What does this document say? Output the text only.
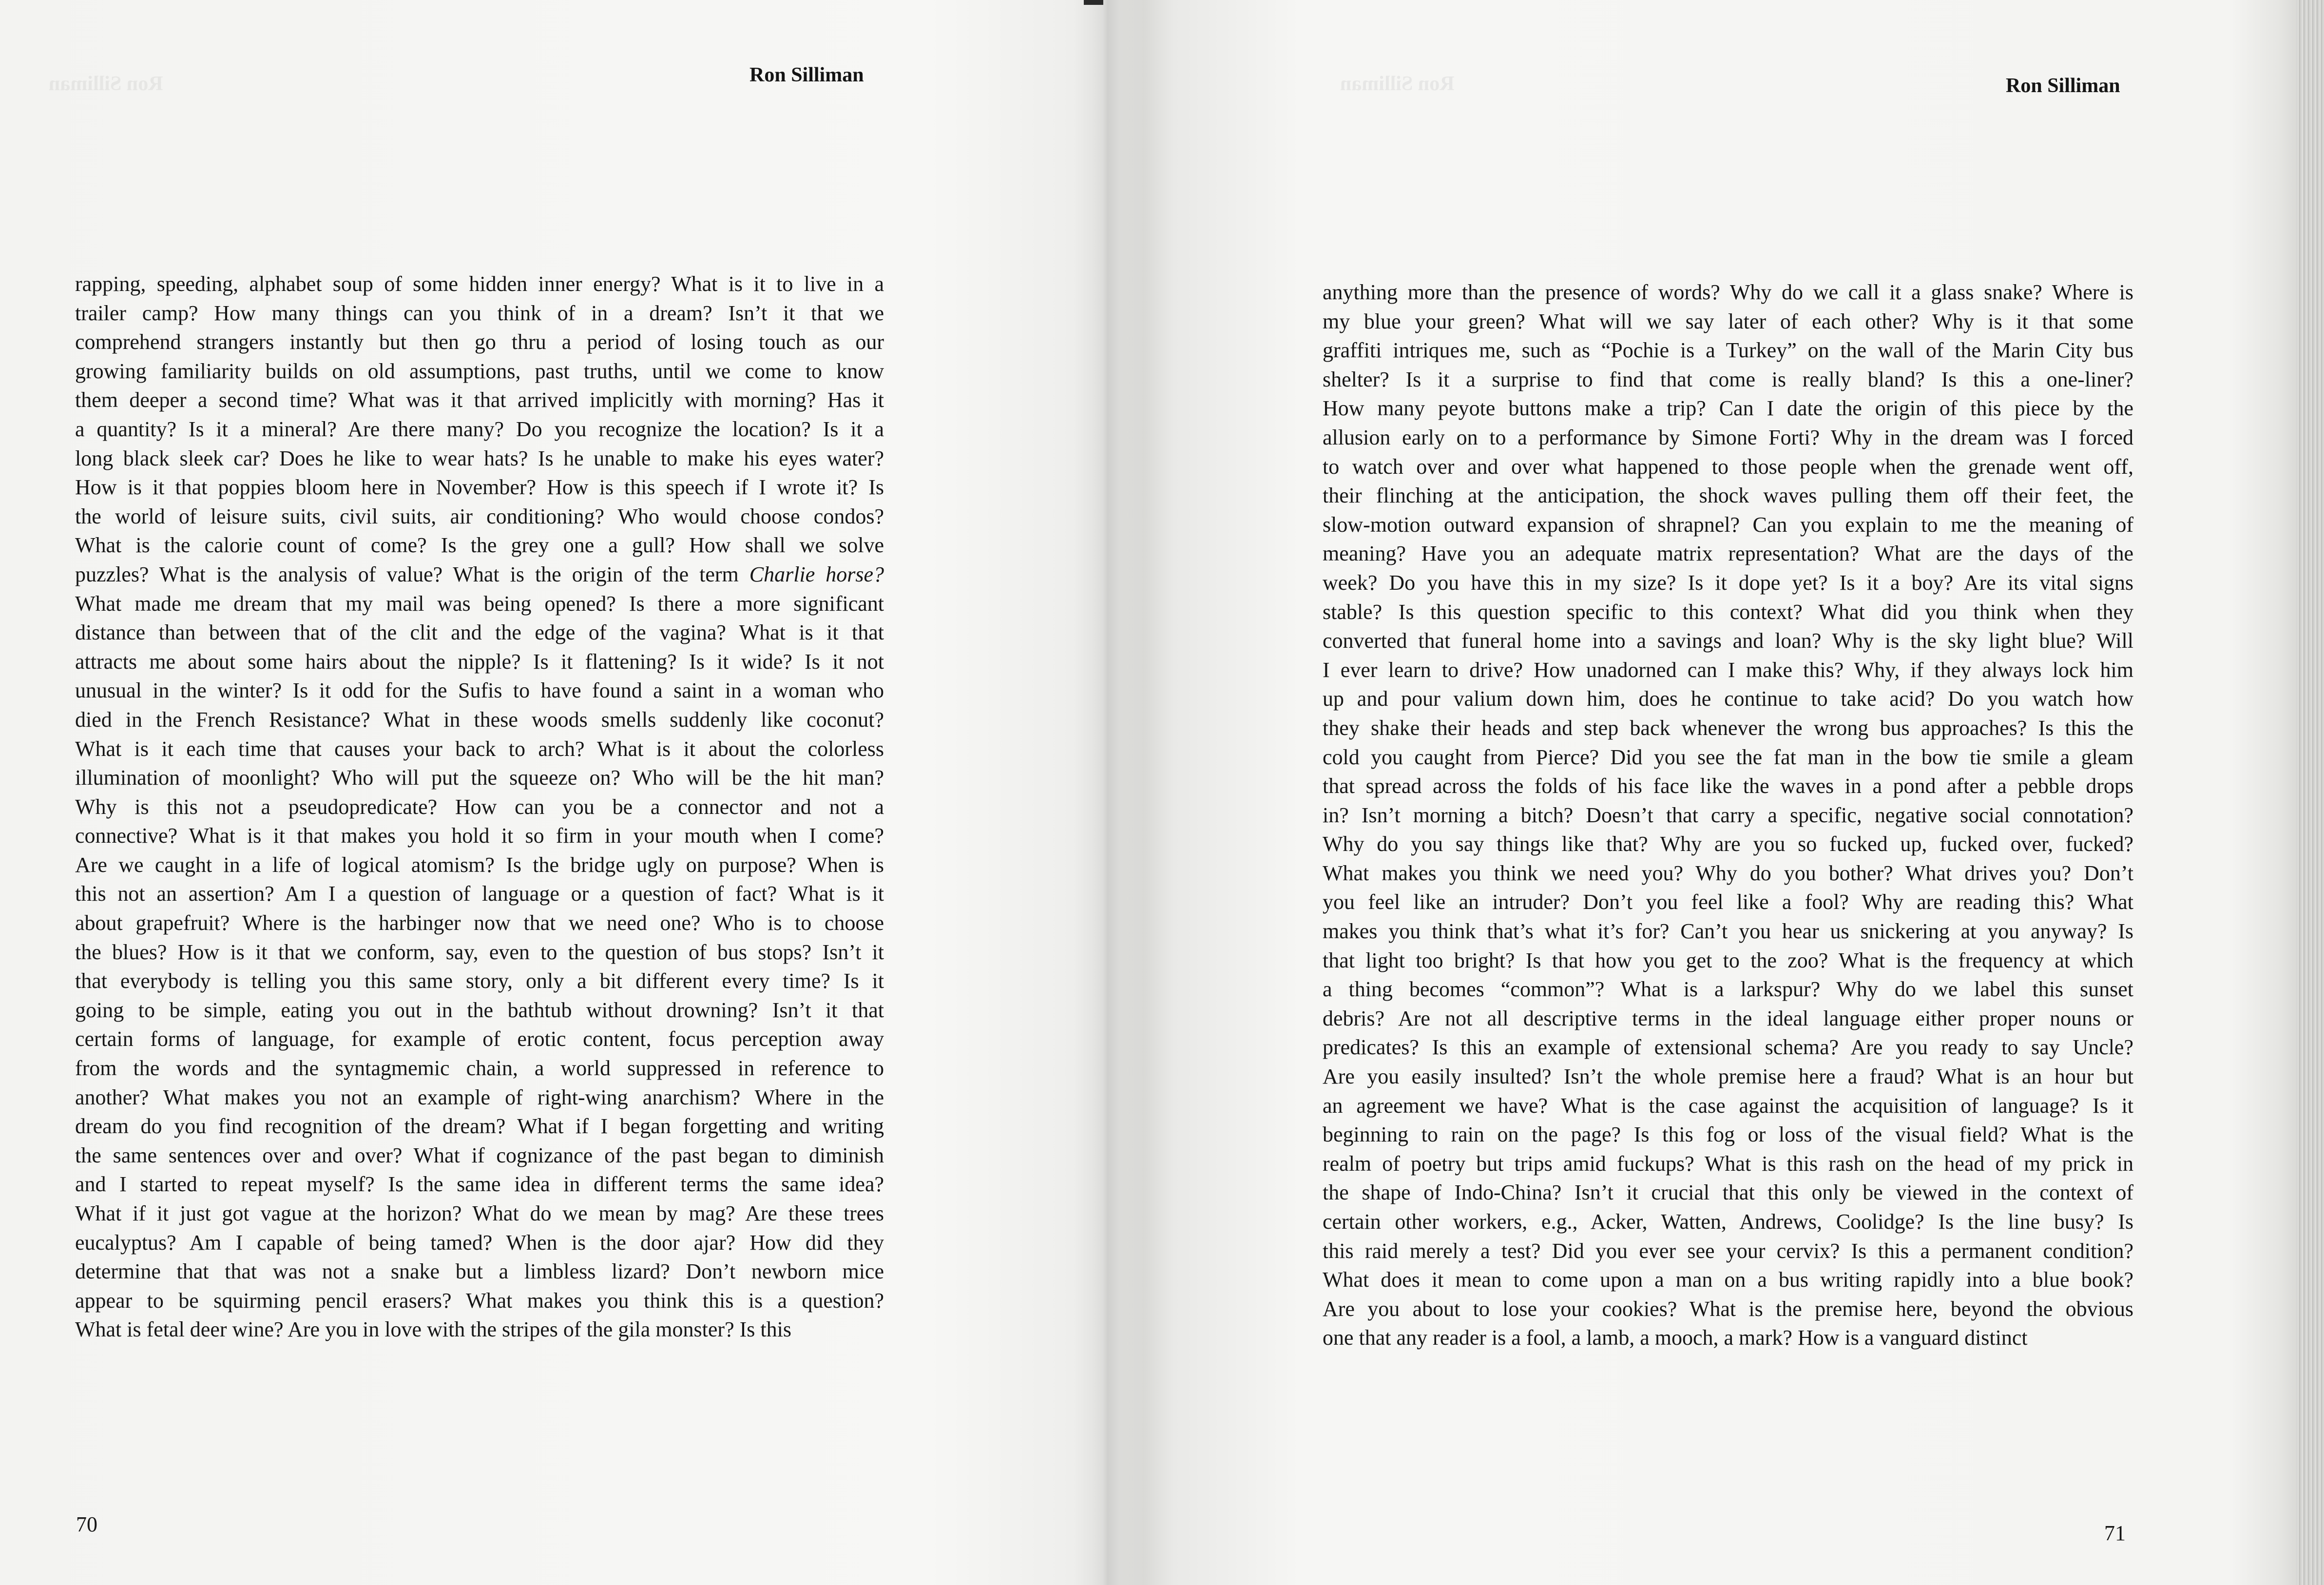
Ron Silliman	Ron Silliman
rapping, speeding, alphabet soup of some hidden inner energy? What is it to live in a
trailer camp? How many things can you think of in a dream? Isn’t it that we
comprehend strangers instantly but then go thru a period of losing touch as our
growing familiarity builds on old assumptions, past truths, until we come to know
them deeper a second time? What was it that arrived implicitly with morning? Has it
a quantity? Is it a mineral? Are there many? Do you recognize the location? Is it a
long black sleek car? Does he like to wear hats? Is he unable to make his eyes water?
How is it that poppies bloom here in November? How is this speech if I wrote it? Is
the world of leisure suits, civil suits, air conditioning? Who would choose condos?
What is the calorie count of come? Is the grey one a gull? How shall we solve
puzzles? What is the analysis of value? What is the origin of the term Charlie horse?
What made me dream that my mail was being opened? Is there a more significant
distance than between that of the clit and the edge of the vagina? What is it that
attracts me about some hairs about the nipple? Is it flattening? Is it wide? Is it not
unusual in the winter? Is it odd for the Sufis to have found a saint in a woman who
died in the French Resistance? What in these woods smells suddenly like coconut?
What is it each time that causes your back to arch? What is it about the colorless
illumination of moonlight? Who will put the squeeze on? Who will be the hit man?
Why is this not a pseudopredicate? How can you be a connector and not a
connective? What is it that makes you hold it so firm in your mouth when I come?
Are we caught in a life of logical atomism? Is the bridge ugly on purpose? When is
this not an assertion? Am I a question of language or a question of fact? What is it
about grapefruit? Where is the harbinger now that we need one? Who is to choose
the blues? How is it that we conform, say, even to the question of bus stops? Isn’t it
that everybody is telling you this same story, only a bit different every time? Is it
going to be simple, eating you out in the bathtub without drowning? Isn’t it that
certain forms of language, for example of erotic content, focus perception away
from the words and the syntagmemic chain, a world suppressed in reference to
another? What makes you not an example of right-wing anarchism? Where in the
dream do you find recognition of the dream? What if I began forgetting and writing
the same sentences over and over? What if cognizance of the past began to diminish
and I started to repeat myself? Is the same idea in different terms the same idea?
What if it just got vague at the horizon? What do we mean by mag? Are these trees
eucalyptus? Am I capable of being tamed? When is the door ajar? How did they
determine that that was not a snake but a limbless lizard? Don’t newborn mice
appear to be squirming pencil erasers? What makes you think this is a question?
What is fetal deer wine? Are you in love with the stripes of the gila monster? Is this
70
Ron Silliman	Ron Silliman
anything more than the presence of words? Why do we call it a glass snake? Where is
my blue your green? What will we say later of each other? Why is it that some
graffiti intriques me, such as “Pochie is a Turkey” on the wall of the Marin City bus
shelter? Is it a surprise to find that come is really bland? Is this a one-liner?
How many peyote buttons make a trip? Can I date the origin of this piece by the
allusion early on to a performance by Simone Forti? Why in the dream was I forced
to watch over and over what happened to those people when the grenade went off,
their flinching at the anticipation, the shock waves pulling them off their feet, the
slow-motion outward expansion of shrapnel? Can you explain to me the meaning of
meaning? Have you an adequate matrix representation? What are the days of the
week? Do you have this in my size? Is it dope yet? Is it a boy? Are its vital signs
stable? Is this question specific to this context? What did you think when they
converted that funeral home into a savings and loan? Why is the sky light blue? Will
I ever learn to drive? How unadorned can I make this? Why, if they always lock him
up and pour valium down him, does he continue to take acid? Do you watch how
they shake their heads and step back whenever the wrong bus approaches? Is this the
cold you caught from Pierce? Did you see the fat man in the bow tie smile a gleam
that spread across the folds of his face like the waves in a pond after a pebble drops
in? Isn’t morning a bitch? Doesn’t that carry a specific, negative social connotation?
Why do you say things like that? Why are you so fucked up, fucked over, fucked?
What makes you think we need you? Why do you bother? What drives you? Don’t
you feel like an intruder? Don’t you feel like a fool? Why are reading this? What
makes you think that’s what it’s for? Can’t you hear us snickering at you anyway? Is
that light too bright? Is that how you get to the zoo? What is the frequency at which
a thing becomes “common”? What is a larkspur? Why do we label this sunset
debris? Are not all descriptive terms in the ideal language either proper nouns or
predicates? Is this an example of extensional schema? Are you ready to say Uncle?
Are you easily insulted? Isn’t the whole premise here a fraud? What is an hour but
an agreement we have? What is the case against the acquisition of language? Is it
beginning to rain on the page? Is this fog or loss of the visual field? What is the
realm of poetry but trips amid fuckups? What is this rash on the head of my prick in
the shape of Indo-China? Isn’t it crucial that this only be viewed in the context of
certain other workers, e.g., Acker, Watten, Andrews, Coolidge? Is the line busy? Is
this raid merely a test? Did you ever see your cervix? Is this a permanent condition?
What does it mean to come upon a man on a bus writing rapidly into a blue book?
Are you about to lose your cookies? What is the premise here, beyond the obvious
one that any reader is a fool, a lamb, a mooch, a mark? How is a vanguard distinct
71
